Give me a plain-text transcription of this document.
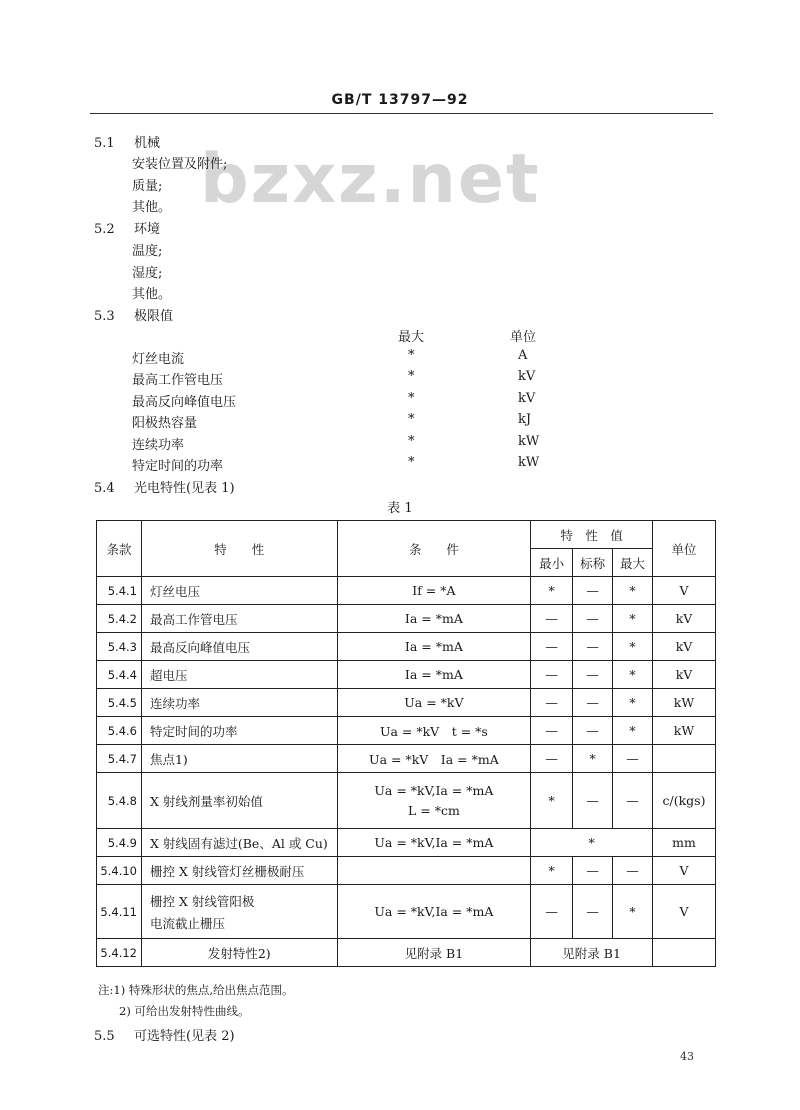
GB/T 13797—92
bzxz.net
5.1 机械
安装位置及附件;
质量;
其他。
5.2 环境
温度;
湿度;
其他。
5.3 极限值
最大	单位
灯丝电流	*	A
最高工作管电压	*	kV
最高反向峰值电压	*	kV
阳极热容量	*	kJ
连续功率	*	kW
特定时间的功率	*	kW
5.4 光电特性(见表 1)
表 1
条款	特　　性	条　　件	特　性　值			单位
			最小	标称	最大	
5.4.1	灯丝电压	If = *A	*	—	*	V
5.4.2	最高工作管电压	Ia = *mA	—	—	*	kV
5.4.3	最高反向峰值电压	Ia = *mA	—	—	*	kV
5.4.4	超电压	Ia = *mA	—	—	*	kV
5.4.5	连续功率	Ua = *kV	—	—	*	kW
5.4.6	特定时间的功率	Ua = *kV　t = *s	—	—	*	kW
5.4.7	焦点1)	Ua = *kV　Ia = *mA	—	*	—	
5.4.8	X 射线剂量率初始值	Ua = *kV,Ia = *mA
L = *cm	*	—	—	c/(kgs)
5.4.9	X 射线固有滤过(Be、Al 或 Cu)	Ua = *kV,Ia = *mA	*			mm
5.4.10	栅控 X 射线管灯丝栅极耐压		*	—	—	V
5.4.11	栅控 X 射线管阳极
电流截止栅压	Ua = *kV,Ia = *mA	—	—	*	V
5.4.12	发射特性2)	见附录 B1	见附录 B1			
注:1) 特殊形状的焦点,给出焦点范围。
2) 可给出发射特性曲线。
5.5 可选特性(见表 2)
43
